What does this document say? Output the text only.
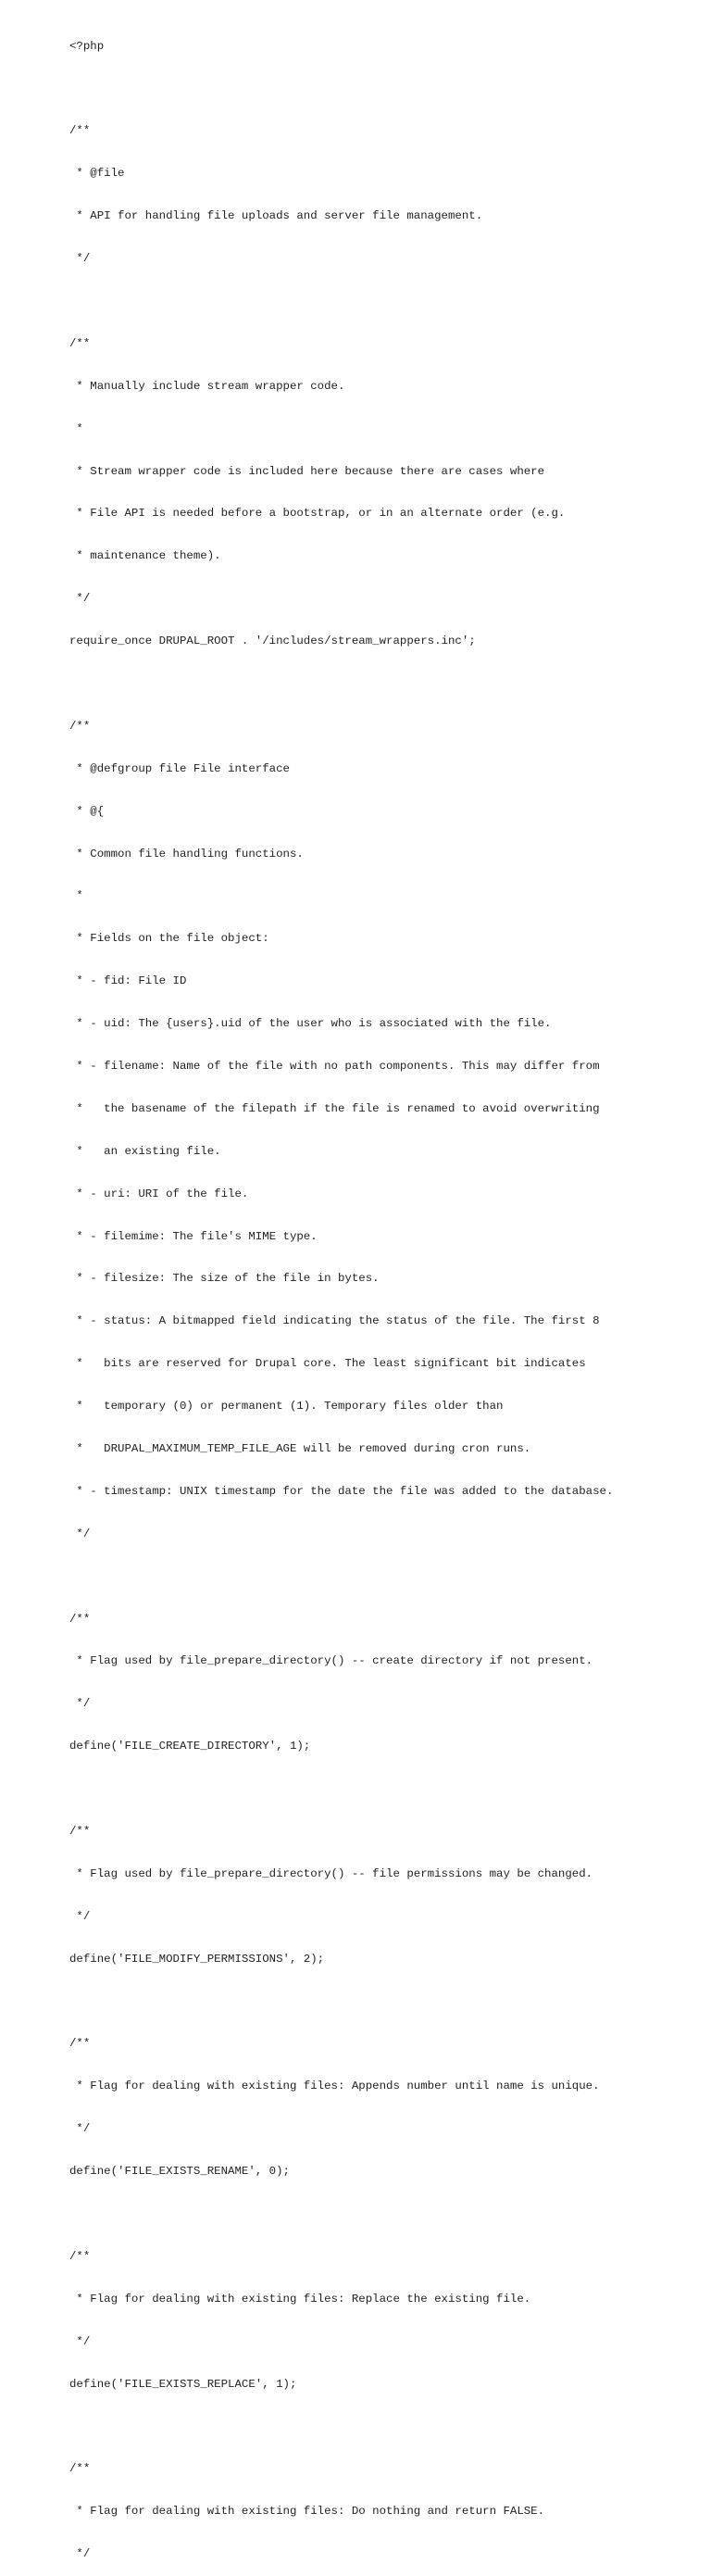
<?php

/**

* @file

* API for handling file uploads and server file management.

*/

/**

* Manually include stream wrapper code.

*

* Stream wrapper code is included here because there are cases where

* File API is needed before a bootstrap, or in an alternate order (e.g.

* maintenance theme).

*/

require_once DRUPAL_ROOT . '/includes/stream_wrappers.inc';

/**

* @defgroup file File interface

* @{

* Common file handling functions.

*

* Fields on the file object:

* - fid: File ID

* - uid: The {users}.uid of the user who is associated with the file.

* - filename: Name of the file with no path components. This may differ from

*   the basename of the filepath if the file is renamed to avoid overwriting

*   an existing file.

* - uri: URI of the file.

* - filemime: The file's MIME type.

* - filesize: The size of the file in bytes.

* - status: A bitmapped field indicating the status of the file. The first 8

*   bits are reserved for Drupal core. The least significant bit indicates

*   temporary (0) or permanent (1). Temporary files older than

*   DRUPAL_MAXIMUM_TEMP_FILE_AGE will be removed during cron runs.

* - timestamp: UNIX timestamp for the date the file was added to the database.

*/

/**

* Flag used by file_prepare_directory() -- create directory if not present.

*/

define('FILE_CREATE_DIRECTORY', 1);

/**

* Flag used by file_prepare_directory() -- file permissions may be changed.

*/

define('FILE_MODIFY_PERMISSIONS', 2);

/**

* Flag for dealing with existing files: Appends number until name is unique.

*/

define('FILE_EXISTS_RENAME', 0);

/**

* Flag for dealing with existing files: Replace the existing file.

*/

define('FILE_EXISTS_REPLACE', 1);

/**

* Flag for dealing with existing files: Do nothing and return FALSE.

*/
